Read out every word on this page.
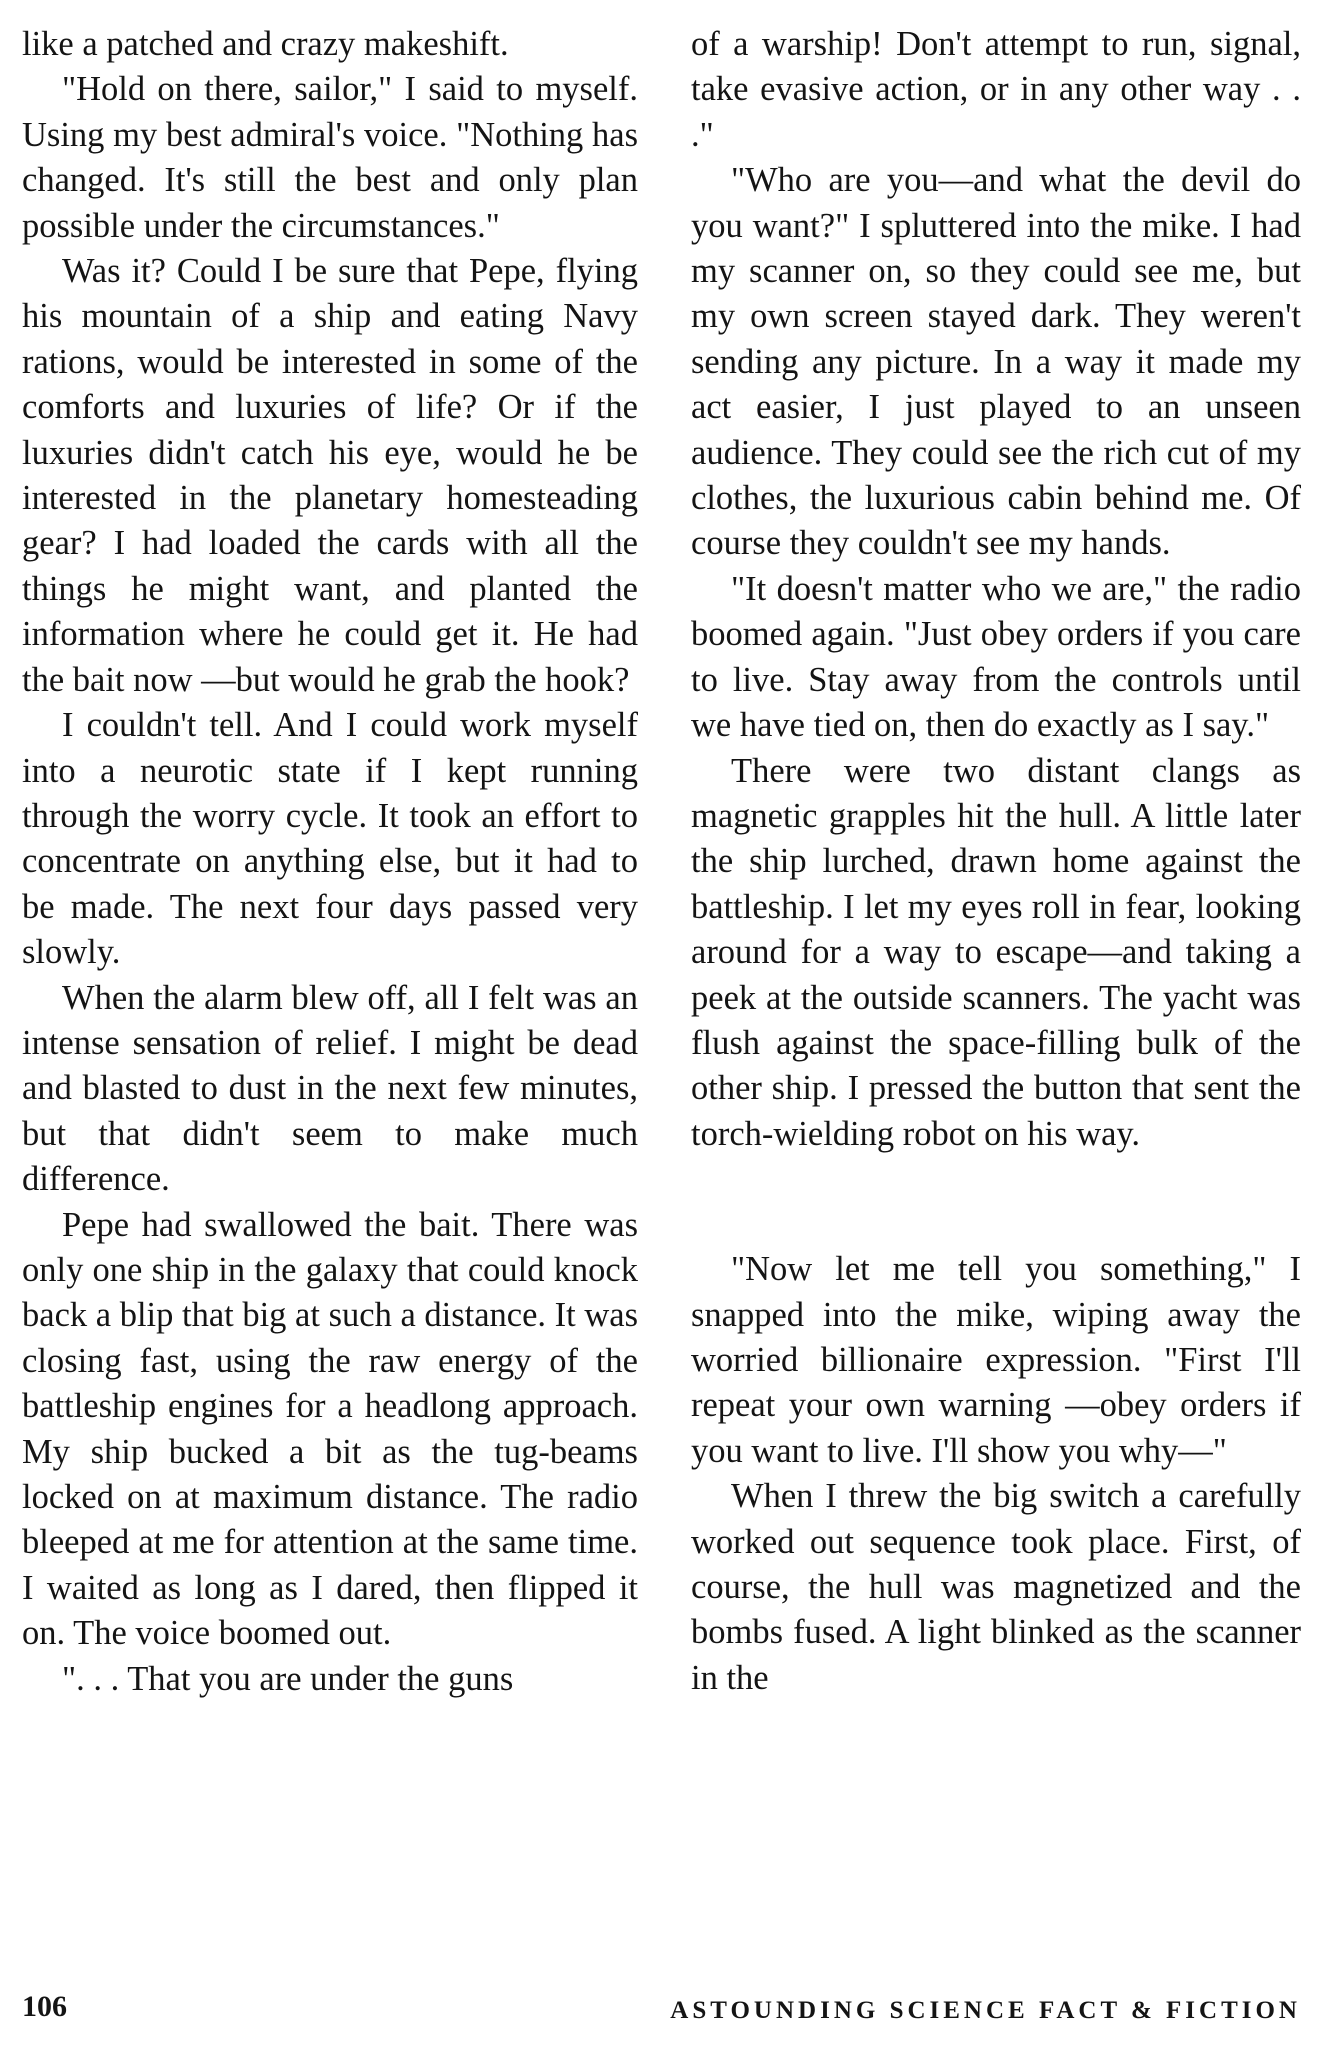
like a patched and crazy makeshift.

"Hold on there, sailor," I said to myself. Using my best admiral's voice. "Nothing has changed. It's still the best and only plan possible under the circumstances."

Was it? Could I be sure that Pepe, flying his mountain of a ship and eating Navy rations, would be interested in some of the comforts and luxuries of life? Or if the luxuries didn't catch his eye, would he be interested in the planetary homesteading gear? I had loaded the cards with all the things he might want, and planted the information where he could get it. He had the bait now —but would he grab the hook?

I couldn't tell. And I could work myself into a neurotic state if I kept running through the worry cycle. It took an effort to concentrate on anything else, but it had to be made. The next four days passed very slowly.

When the alarm blew off, all I felt was an intense sensation of relief. I might be dead and blasted to dust in the next few minutes, but that didn't seem to make much difference.

Pepe had swallowed the bait. There was only one ship in the galaxy that could knock back a blip that big at such a distance. It was closing fast, using the raw energy of the battleship engines for a headlong approach. My ship bucked a bit as the tug-beams locked on at maximum distance. The radio bleeped at me for attention at the same time. I waited as long as I dared, then flipped it on. The voice boomed out.

". . . That you are under the guns

of a warship! Don't attempt to run, signal, take evasive action, or in any other way . . ."

"Who are you—and what the devil do you want?" I spluttered into the mike. I had my scanner on, so they could see me, but my own screen stayed dark. They weren't sending any picture. In a way it made my act easier, I just played to an unseen audience. They could see the rich cut of my clothes, the luxurious cabin behind me. Of course they couldn't see my hands.

"It doesn't matter who we are," the radio boomed again. "Just obey orders if you care to live. Stay away from the controls until we have tied on, then do exactly as I say."

There were two distant clangs as magnetic grapples hit the hull. A little later the ship lurched, drawn home against the battleship. I let my eyes roll in fear, looking around for a way to escape—and taking a peek at the outside scanners. The yacht was flush against the space-filling bulk of the other ship. I pressed the button that sent the torch-wielding robot on his way.

"Now let me tell you something," I snapped into the mike, wiping away the worried billionaire expression. "First I'll repeat your own warning —obey orders if you want to live. I'll show you why—"

When I threw the big switch a carefully worked out sequence took place. First, of course, the hull was magnetized and the bombs fused. A light blinked as the scanner in the

106	ASTOUNDING SCIENCE FACT & FICTION
